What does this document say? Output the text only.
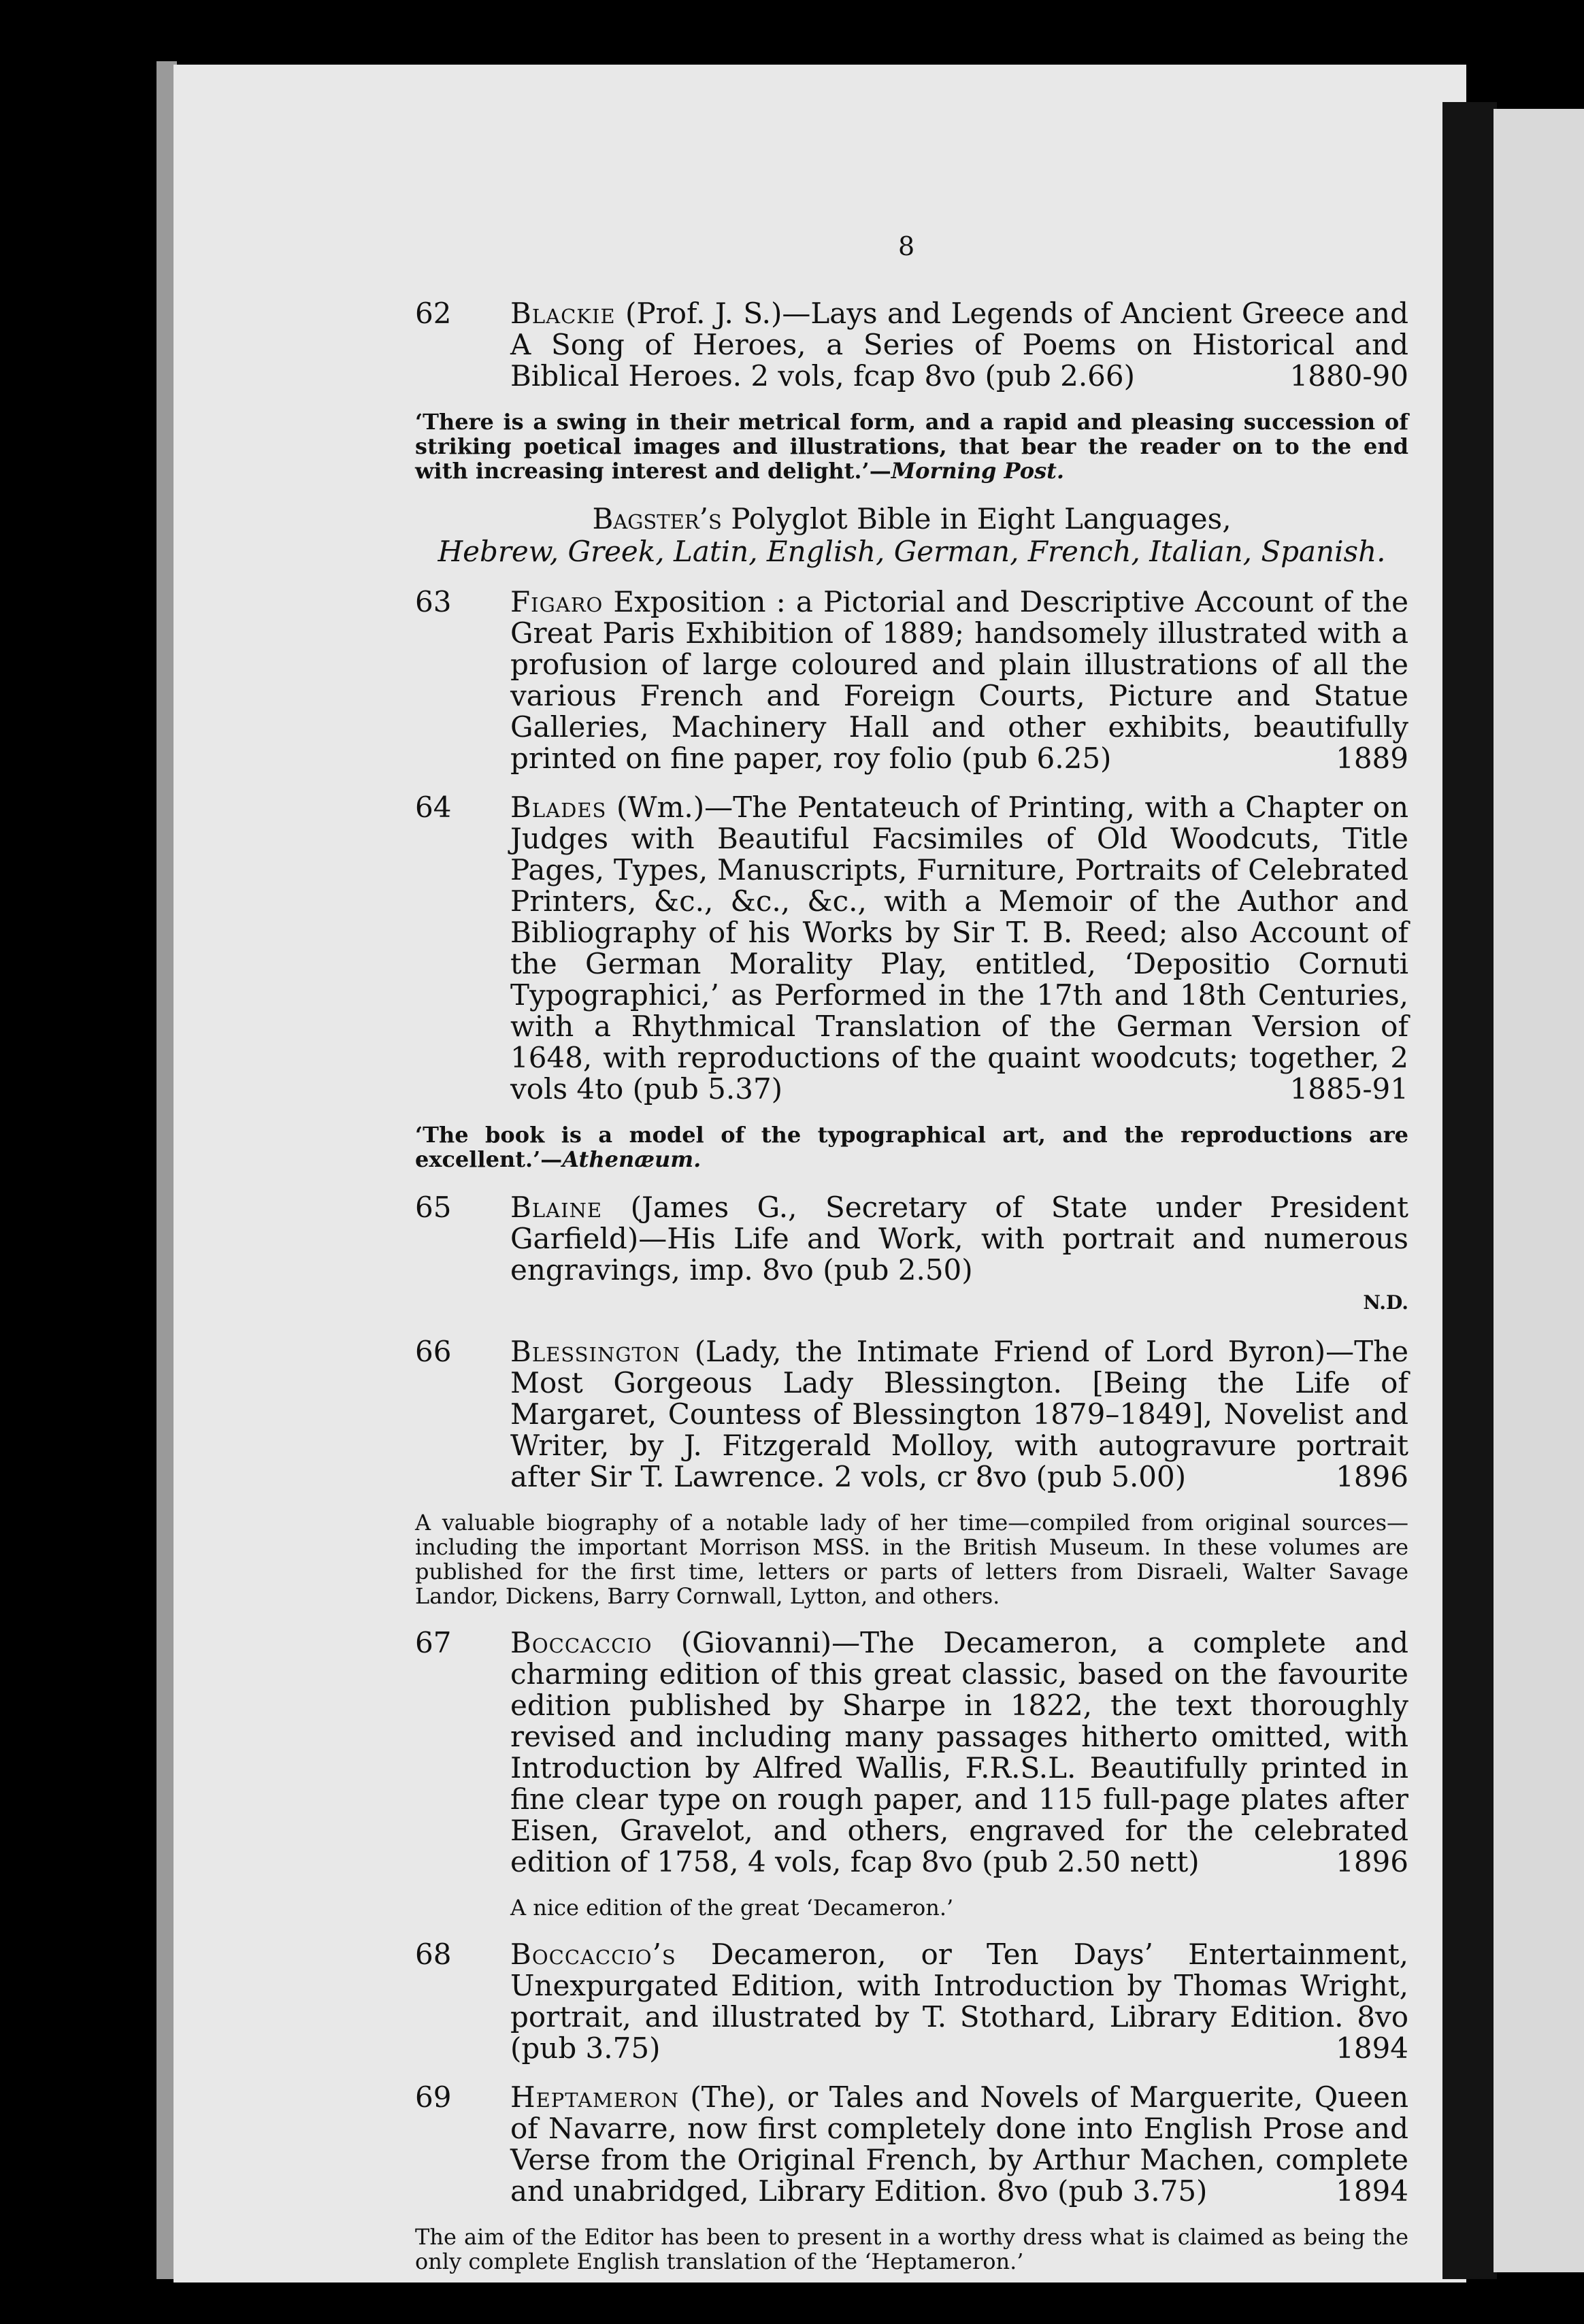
8
62	Blackie (Prof. J. S.)—Lays and Legends of Ancient Greece and A Song of Heroes, a Series of Poems on Historical and Biblical Heroes. 2 vols, fcap 8vo (pub 2.66)	1880-90
‘There is a swing in their metrical form, and a rapid and pleasing succession of striking poetical images and illustrations, that bear the reader on to the end with increasing interest and delight.’—Morning Post.
Bagster’s Polyglot Bible in Eight Languages,
Hebrew, Greek, Latin, English, German, French, Italian, Spanish.
63	Figaro Exposition : a Pictorial and Descriptive Account of the Great Paris Exhibition of 1889; handsomely illustrated with a profusion of large coloured and plain illustrations of all the various French and Foreign Courts, Picture and Statue Galleries, Machinery Hall and other exhibits, beautifully printed on fine paper, roy folio (pub 6.25)	1889
64	Blades (Wm.)—The Pentateuch of Printing, with a Chapter on Judges with Beautiful Facsimiles of Old Woodcuts, Title Pages, Types, Manuscripts, Furniture, Portraits of Celebrated Printers, &c., &c., &c., with a Memoir of the Author and Bibliography of his Works by Sir T. B. Reed; also Account of the German Morality Play, entitled, ‘Depositio Cornuti Typographici,’ as Performed in the 17th and 18th Centuries, with a Rhythmical Translation of the German Version of 1648, with reproductions of the quaint woodcuts; together, 2 vols 4to (pub 5.37)	1885-91
‘The book is a model of the typographical art, and the reproductions are excellent.’—Athenæum.
65	Blaine (James G., Secretary of State under President Garfield)—His Life and Work, with portrait and numerous engravings, imp. 8vo (pub 2.50)
N.D.
66	Blessington (Lady, the Intimate Friend of Lord Byron)—The Most Gorgeous Lady Blessington. [Being the Life of Margaret, Countess of Blessington 1879–1849], Novelist and Writer, by J. Fitzgerald Molloy, with autogravure portrait after Sir T. Lawrence. 2 vols, cr 8vo (pub 5.00)	1896
A valuable biography of a notable lady of her time—compiled from original sources—including the important Morrison MSS. in the British Museum. In these volumes are published for the first time, letters or parts of letters from Disraeli, Walter Savage Landor, Dickens, Barry Cornwall, Lytton, and others.
67	Boccaccio (Giovanni)—The Decameron, a complete and charming edition of this great classic, based on the favourite edition published by Sharpe in 1822, the text thoroughly revised and including many passages hitherto omitted, with Introduction by Alfred Wallis, F.R.S.L. Beautifully printed in fine clear type on rough paper, and 115 full-page plates after Eisen, Gravelot, and others, engraved for the celebrated edition of 1758, 4 vols, fcap 8vo (pub 2.50 nett)	1896
A nice edition of the great ‘Decameron.’
68	Boccaccio’s Decameron, or Ten Days’ Entertainment, Unexpurgated Edition, with Introduction by Thomas Wright, portrait, and illustrated by T. Stothard, Library Edition. 8vo (pub 3.75)	1894
69	Heptameron (The), or Tales and Novels of Marguerite, Queen of Navarre, now first completely done into English Prose and Verse from the Original French, by Arthur Machen, complete and unabridged, Library Edition. 8vo (pub 3.75)	1894
The aim of the Editor has been to present in a worthy dress what is claimed as being the only complete English translation of the ‘Heptameron.’
